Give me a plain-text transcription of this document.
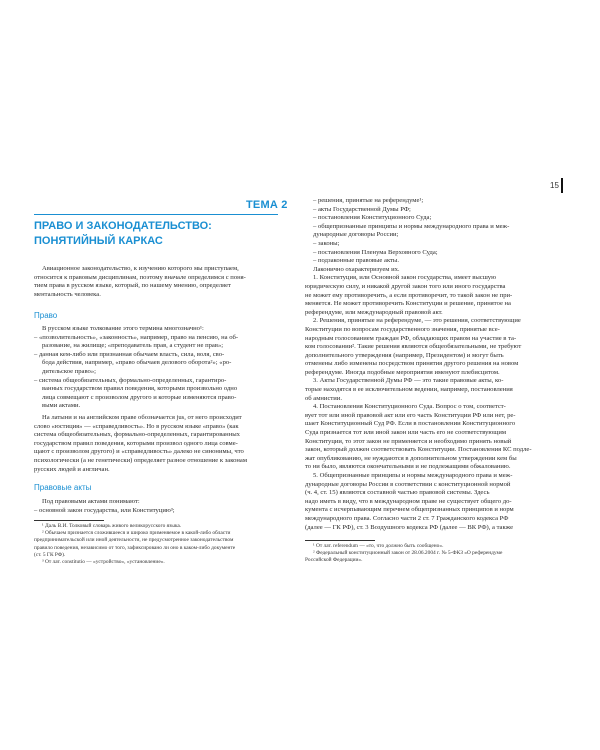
15
ТЕМА 2
ПРАВО И ЗАКОНОДАТЕЛЬСТВО:
ПОНЯТИЙНЫЙ КАРКАС

Авиационное законодательство, к изучению которого мы приступаем,

относится к правовым дисциплинам, поэтому вначале определимся с поня-

тием права в русском языке, который, по нашему мнению, определяет

ментальность человека.

Право

В русском языке толкование этого термина многозначно¹:

– «позволительность», «законность», например, право на пенсию, на об-

разование, на жилище; «преподаватель прав, а студент не прав»;

– данная кем-либо или признанная обычаем власть, сила, воля, сво-

бода действия, например, «право обычаев делового оборота²»; «ро-

дительское право»;

– система общеобязательных, формально-определенных, гарантиро-

ванных государством правил поведения, которыми произвольно одно

лица совмещают с произволом другого и которые изменяются право-

выми актами.

На латыни и на английском праве обозначается jus, от него происходит

слово «юстиция» — «справедливость». Но в русском языке «право» (как

система общеобязательных, формально-определенных, гарантированных

государством правил поведения, которыми произвол одного лица совме-

щают с произволом другого) и «справедливость» далеко не синонимы, что

психологически (а не генетически) определяет разное отношение к законам

русских людей и англичан.

Правовые акты

Под правовыми актами понимают:

– основной закон государства, или Конституцию³;

¹ Даль В.И. Толковый словарь живого великорусского языка.

² Обычаем признается сложившееся и широко применяемое в какой-либо области

предпринимательской или иной деятельности, не предусмотренное законодательством

правило поведения, независимо от того, зафиксировано ли оно в каком-либо документе

(ст. 5 ГК РФ).

³ От лат. constitutio — «устройство», «установление».

– решения, принятые на референдуме¹;

– акты Государственной Думы РФ;

– постановления Конституционного Суда;

– общепризнанные принципы и нормы международного права и меж-

дународные договоры России;

– законы;

– постановления Пленума Верховного Суда;

– подзаконные правовые акты.

Лаконично охарактеризуем их.

1. Конституция, или Основной закон государства, имеет высшую

юридическую силу, и никакой другой закон того или иного государства

не может ему противоречить, а если противоречит, то такой закон не при-

меняется. Не может противоречить Конституции и решение, принятое на

референдуме, или международный правовой акт.

2. Решения, принятые на референдуме, — это решения, соответствующие

Конституции по вопросам государственного значения, принятые все-

народным голосованием граждан РФ, обладающих правом на участие в та-

ком голосовании². Такие решения являются общеобязательными, не требуют

дополнительного утверждения (например, Президентом) и могут быть

отменены либо изменены посредством принятия другого решения на новом

референдуме. Иногда подобные мероприятия именуют плебисцитом.

3. Акты Государственной Думы РФ — это такие правовые акты, ко-

торые находятся в ее исключительном ведении, например, постановления

об амнистии.

4. Постановления Конституционного Суда. Вопрос о том, соответст-

вует тот или иной правовой акт или его часть Конституции РФ или нет, ре-

шает Конституционный Суд РФ. Если в постановлении Конституционного

Суда признается тот или иной закон или часть его не соответствующим

Конституции, то этот закон не применяется и необходимо принять новый

закон, который должен соответствовать Конституции. Постановления КС подле-

жат опубликованию, не нуждаются в дополнительном утверждении кем бы

то ни было, являются окончательными и не подлежащими обжалованию.

5. Общепризнанные принципы и нормы международного права и меж-

дународные договоры России в соответствии с конституционной нормой

(ч. 4, ст. 15) являются составной частью правовой системы. Здесь

надо иметь в виду, что в международном праве не существует общего до-

кумента с исчерпывающим перечнем общепризнанных принципов и норм

международного права. Согласно части 2 ст. 7 Гражданского кодекса РФ

(далее — ГК РФ), ст. 3 Воздушного кодекса РФ (далее — ВК РФ), а также

¹ От лат. referendum — «то, что должно быть сообщено».

² Федеральный конституционный закон от 28.06.2004 г. № 5-ФКЗ «О референдуме

Российской Федерации».
